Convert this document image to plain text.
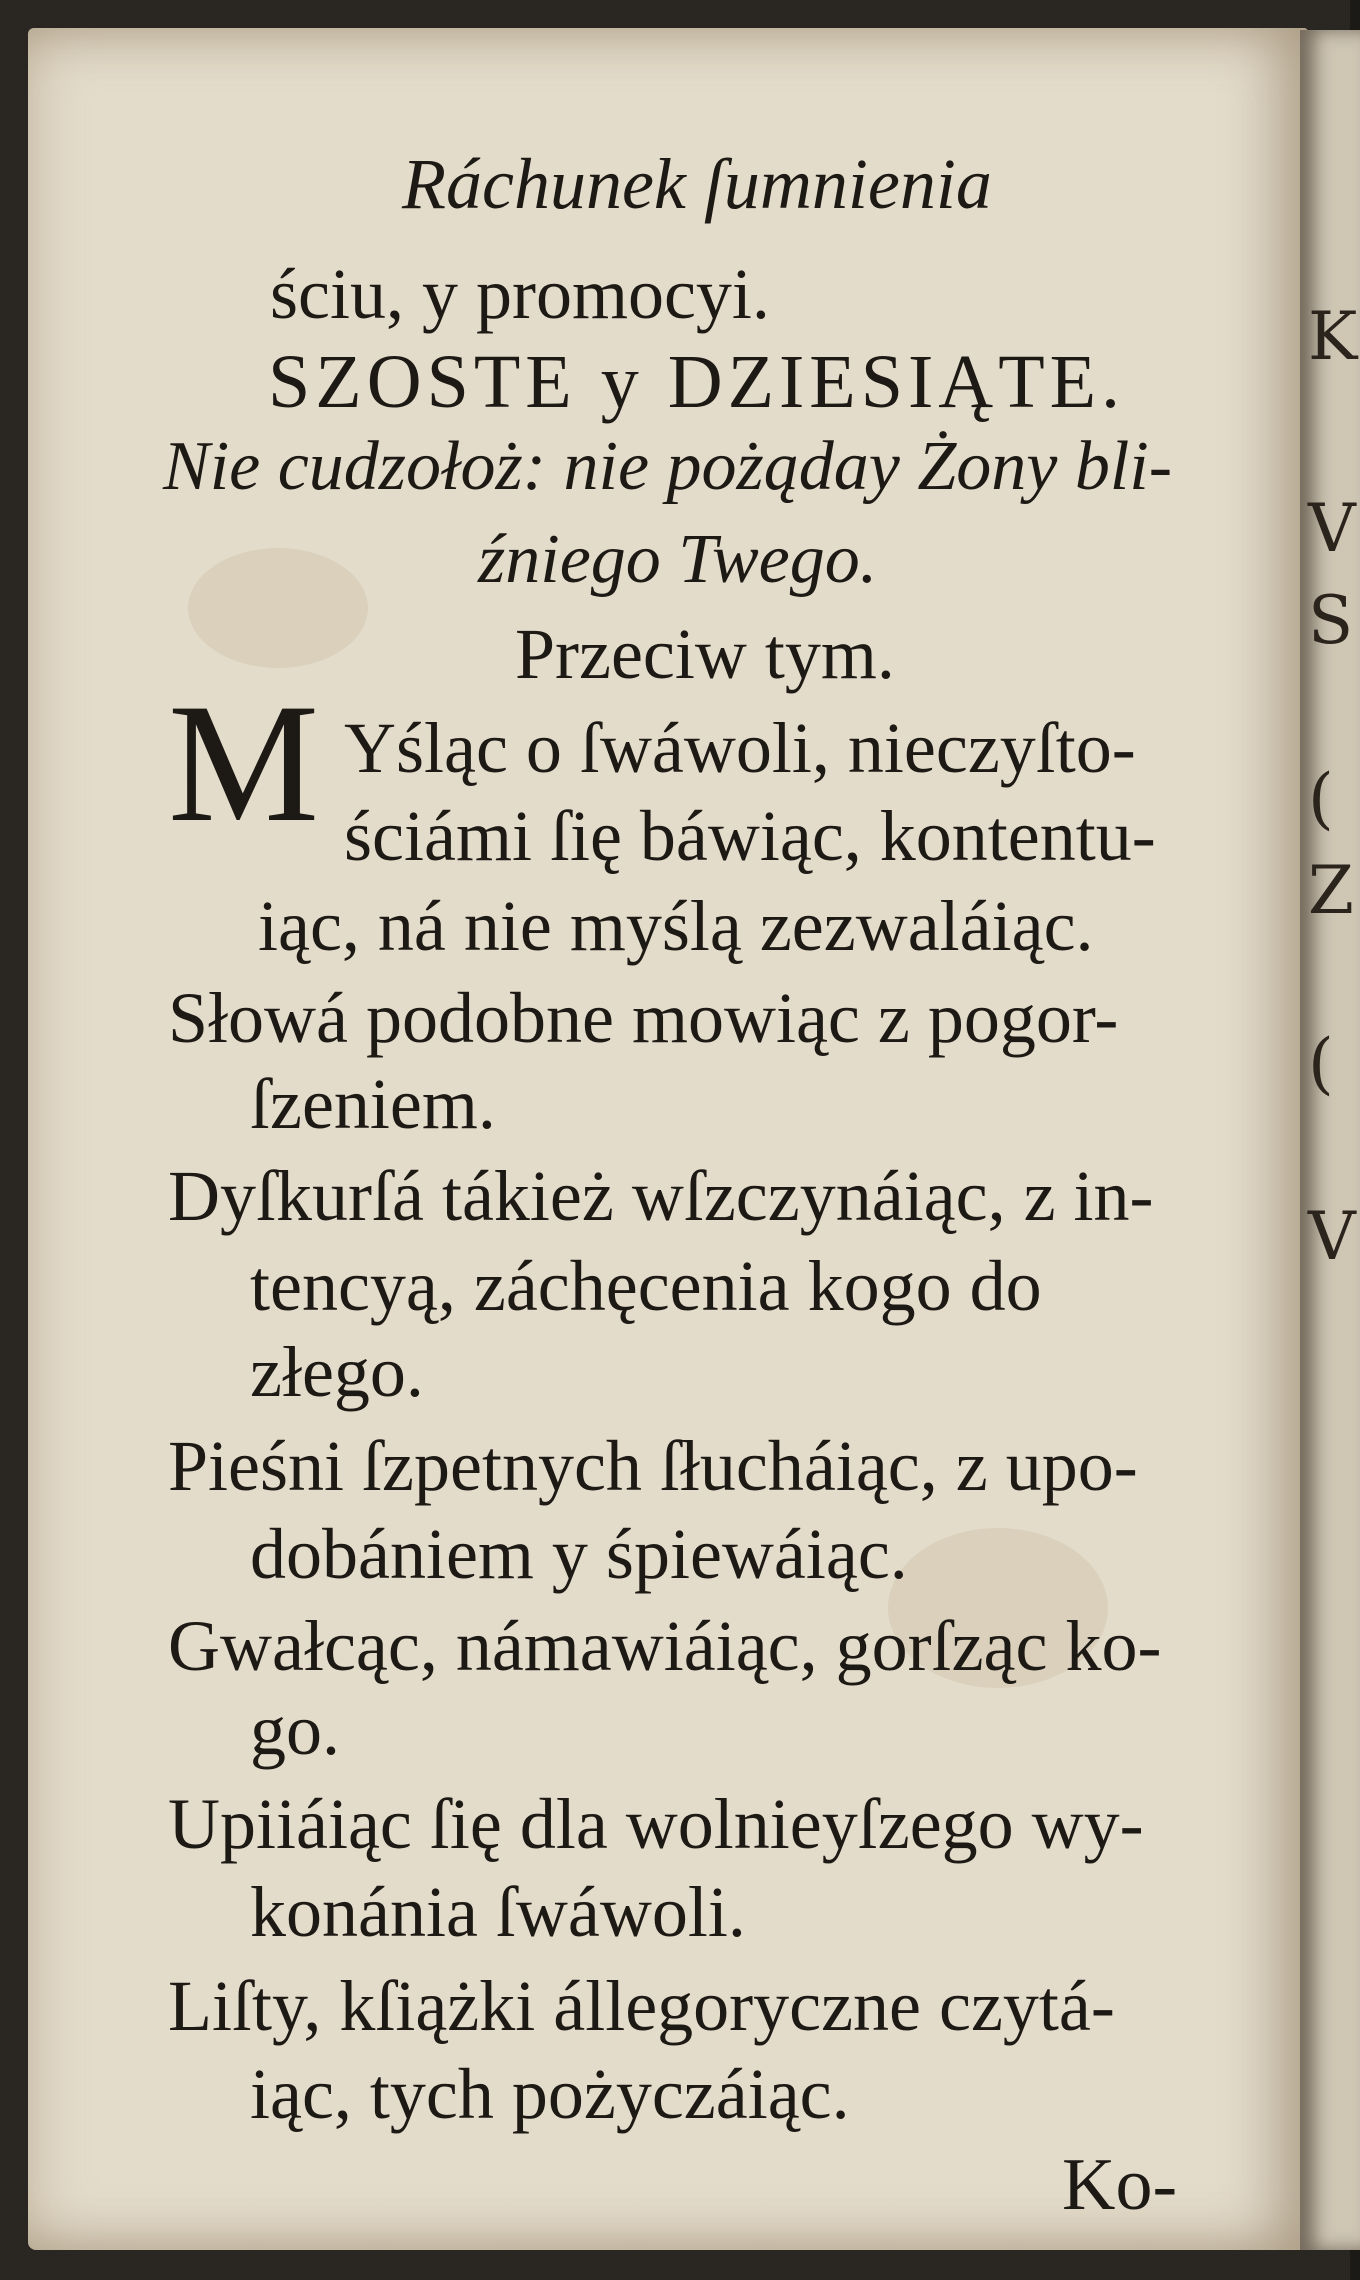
K
V
S
(
Z
(
V

Ráchunek ſumnienia

ściu, y promocyi.

SZOSTE y DZIESIĄTE.

Nie cudzołoż: nie pożąday Żony bli-

źniego Twego.

Przeciw tym.

M Yśląc o ſwáwoli, nieczyſto-

ściámi ſię báwiąc, kontentu-

iąc, ná nie myślą zezwaláiąc.

Słowá podobne mowiąc z pogor-

ſzeniem.

Dyſkurſá tákież wſzczynáiąc, z in-

tencyą, záchęcenia kogo do

złego.

Pieśni ſzpetnych ſłucháiąc, z upo-

dobániem y śpiewáiąc.

Gwałcąc, námawiáiąc, gorſząc ko-

go.

Upiiáiąc ſię dla wolnieyſzego wy-

konánia ſwáwoli.

Liſty, kſiążki állegoryczne czytá-

iąc, tych pożyczáiąc.

Ko-
